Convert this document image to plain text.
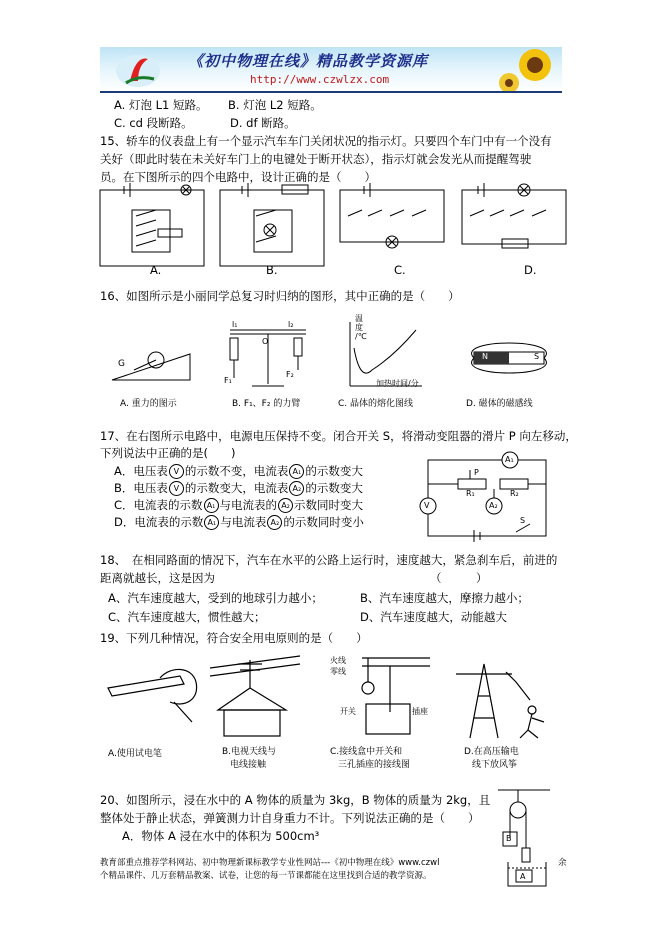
《初中物理在线》精品教学资源库
http://www.czwlzx.com
A. 灯泡 L1 短路。 B. 灯泡 L2 短路。
C. cd 段断路。	D. df 断路。
15、轿车的仪表盘上有一个显示汽车车门关闭状况的指示灯。只要四个车门中有一个没有
关好（即此时装在未关好车门上的电键处于断开状态），指示灯就会发光从而提醒驾驶
员。在下图所示的四个电路中，设计正确的是（　　）
A.	B.	C.	D.
16、如图所示是小丽同学总复习时归纳的图形，其中正确的是（　　）
G
l₁	l₂
O
F₁
F₂
温
度
/℃
加热时间/分
N	S
A. 重力的图示	B. F₁、F₂ 的力臂	C. 晶体的熔化图线	D. 磁体的磁感线
17、在右图所示电路中，电源电压保持不变。闭合开关 S，将滑动变阻器的滑片 P 向左移动，
下列说法中正确的是(　　)
A．电压表 V 的示数不变，电流表 A₁ 的示数变大
B．电压表 V 的示数变大，电流表 A₂ 的示数变大
C．电流表的示数 A₁ 与电流表的 A₂ 示数同时变大
D．电流表的示数 A₁ 与电流表 A₂ 的示数同时变小
A₁
P
R₁	R₂
V	A₂
S
18、　在相同路面的情况下，汽车在水平的公路上运行时，速度越大，紧急刹车后，前进的
距离就越长，这是因为	（　　　）
A、汽车速度越大，受到的地球引力越小；	B、汽车速度越大，摩擦力越小；
C、汽车速度越大，惯性越大；	D、汽车速度越大，动能越大
19、下列几种情况，符合安全用电原则的是（　　）
火线
零线
开关	插座
A.使用试电笔	B.电视天线与
电线接触
C.接线盒中开关和
三孔插座的接线图
D.在高压输电
线下放风筝
20、如图所示，浸在水中的 A 物体的质量为 3kg，B 物体的质量为 2kg，且
整体处于静止状态，弹簧测力计自身重力不计。下列说法正确的是（　　）
A．物体 A 浸在水中的体积为 500cm³	B
A
教育部重点推荐学科网站、初中物理新课标教学专业性网站---《初中物理在线》www.czwl	余
个精品课件、几万套精品教案、试卷，让您的每一节课都能在这里找到合适的教学资源。
